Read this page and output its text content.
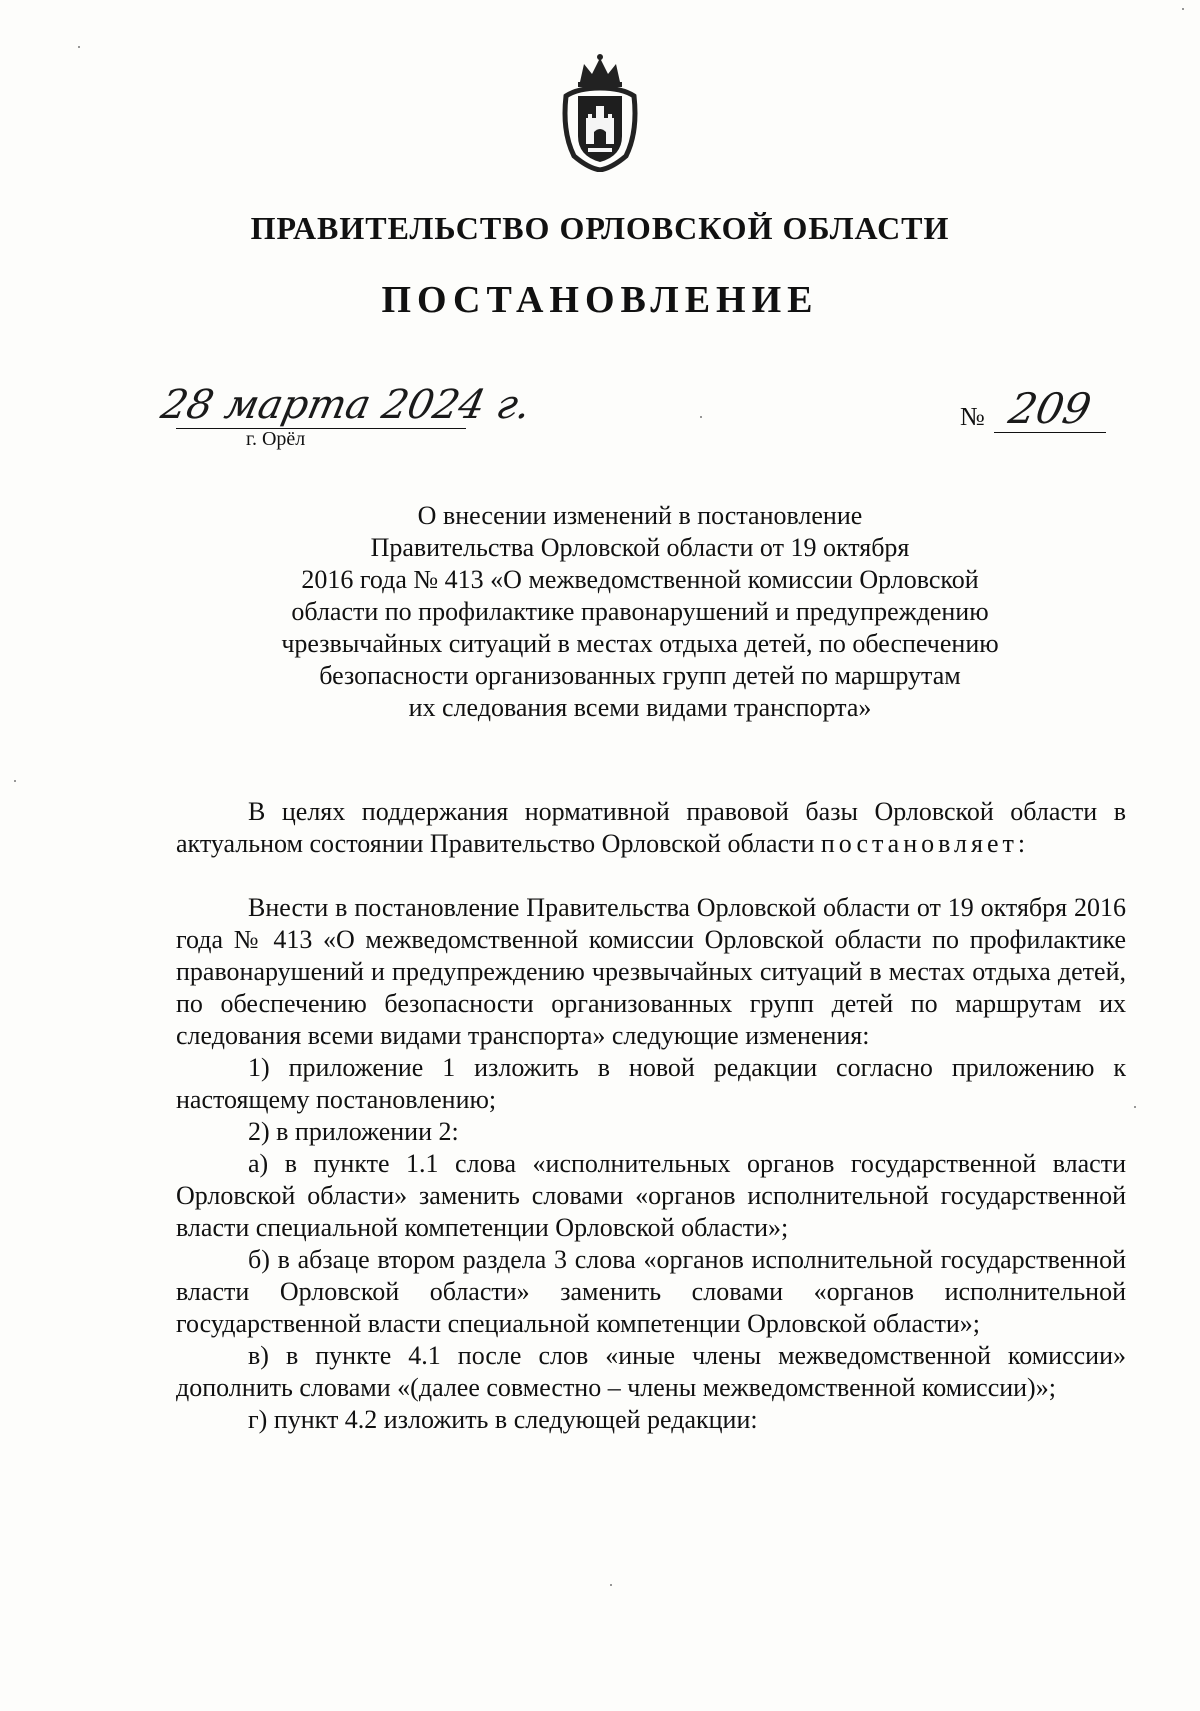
ПРАВИТЕЛЬСТВО ОРЛОВСКОЙ ОБЛАСТИ
ПОСТАНОВЛЕНИЕ
28 марта 2024 г.
г. Орёл
№ 209
О внесении изменений в постановление
Правительства Орловской области от 19 октября
2016 года № 413 «О межведомственной комиссии Орловской
области по профилактике правонарушений и предупреждению
чрезвычайных ситуаций в местах отдыха детей, по обеспечению
безопасности организованных групп детей по маршрутам
их следования всеми видами транспорта»

В целях поддержания нормативной правовой базы Орловской области в актуальном состоянии Правительство Орловской области постановляет:

Внести в постановление Правительства Орловской области от 19 октября 2016 года № 413 «О межведомственной комиссии Орловской области по профилактике правонарушений и предупреждению чрезвычайных ситуаций в местах отдыха детей, по обеспечению безопасности организованных групп детей по маршрутам их следования всеми видами транспорта» следующие изменения:

1) приложение 1 изложить в новой редакции согласно приложению к настоящему постановлению;

2) в приложении 2:

а) в пункте 1.1 слова «исполнительных органов государственной власти Орловской области» заменить словами «органов исполнительной государственной власти специальной компетенции Орловской области»;

б) в абзаце втором раздела 3 слова «органов исполнительной государственной власти Орловской области» заменить словами «органов исполнительной государственной власти специальной компетенции Орловской области»;

в) в пункте 4.1 после слов «иные члены межведомственной комиссии» дополнить словами «(далее совместно – члены межведомственной комиссии)»;

г) пункт 4.2 изложить в следующей редакции:
